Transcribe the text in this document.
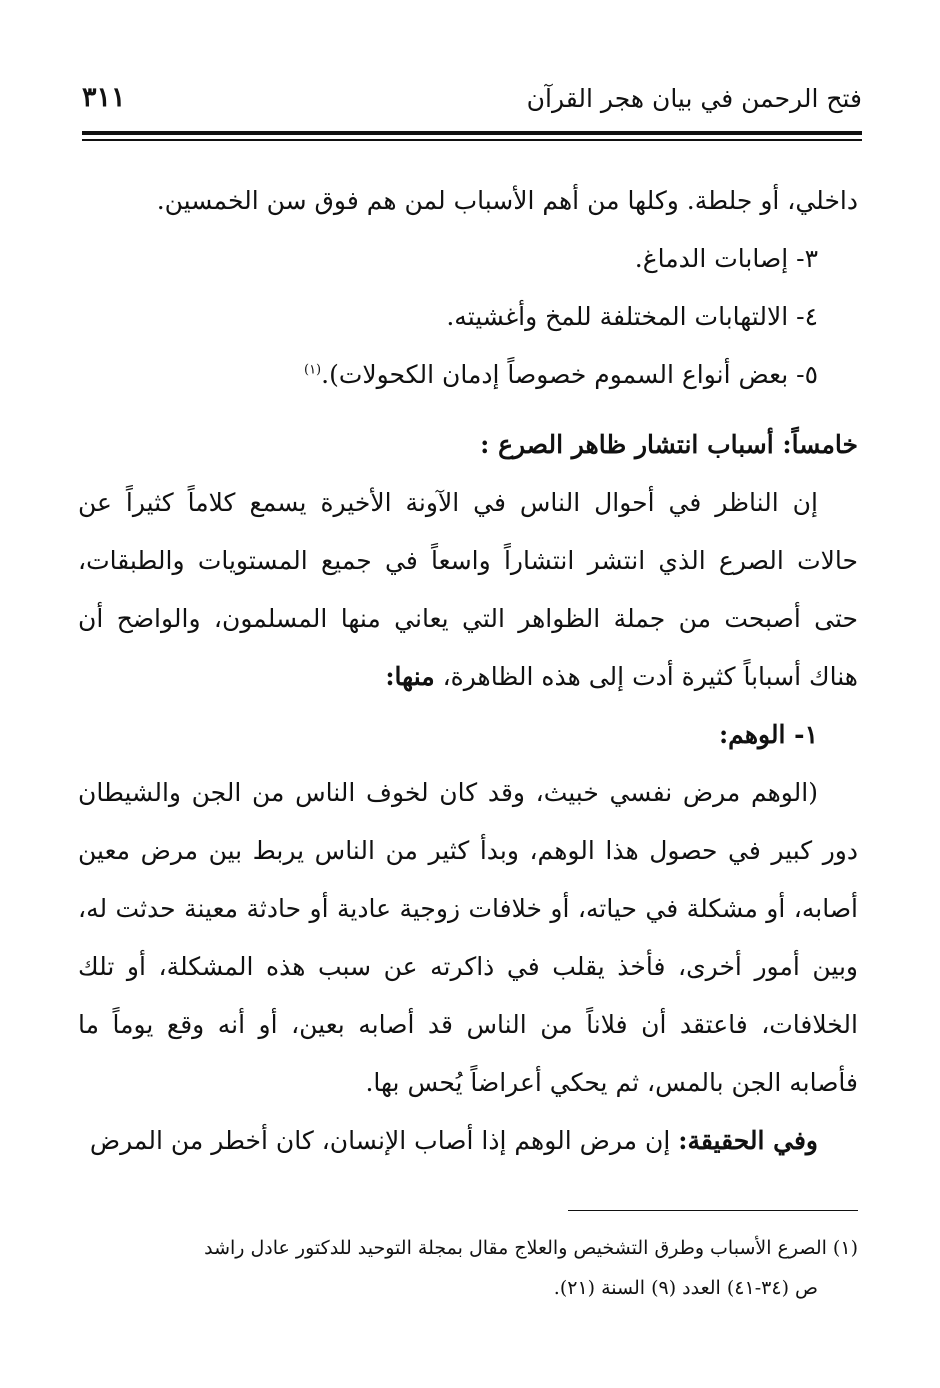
فتح الرحمن في بيان هجر القرآن
٣١١

داخلي، أو جلطة. وكلها من أهم الأسباب لمن هم فوق سن الخمسين.

٣- إصابات الدماغ.

٤- الالتهابات المختلفة للمخ وأغشيته.

٥- بعض أنواع السموم خصوصاً إدمان الكحولات).$^{(١)}$

خامساً: أسباب انتشار ظاهر الصرع :

إن الناظر في أحوال الناس في الآونة الأخيرة يسمع كلاماً كثيراً عن حالات الصرع الذي انتشر انتشاراً واسعاً في جميع المستويات والطبقات، حتى أصبحت من جملة الظواهر التي يعاني منها المسلمون، والواضح أن هناك أسباباً كثيرة أدت إلى هذه الظاهرة، منها:

١- الوهم:

(الوهم مرض نفسي خبيث، وقد كان لخوف الناس من الجن والشيطان دور كبير في حصول هذا الوهم، وبدأ كثير من الناس يربط بين مرض معين أصابه، أو مشكلة في حياته، أو خلافات زوجية عادية أو حادثة معينة حدثت له، وبين أمور أخرى، فأخذ يقلب في ذاكرته عن سبب هذه المشكلة، أو تلك الخلافات، فاعتقد أن فلاناً من الناس قد أصابه بعين، أو أنه وقع يوماً ما فأصابه الجن بالمس، ثم يحكي أعراضاً يُحس بها.

وفي الحقيقة: إن مرض الوهم إذا أصاب الإنسان، كان أخطر من المرض

(١) الصرع الأسباب وطرق التشخيص والعلاج مقال بمجلة التوحيد للدكتور عادل راشد

ص (٣٤-٤١) العدد (٩) السنة (٢١).
